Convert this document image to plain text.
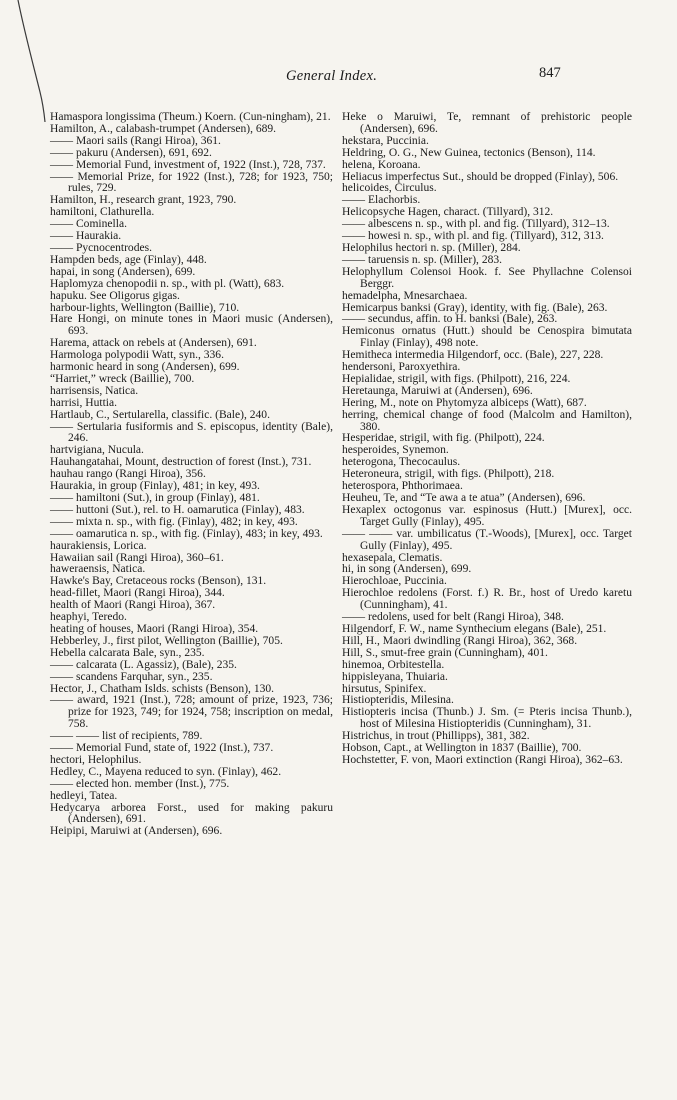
General Index.	847

Hamaspora longissima (Theum.) Koern. (Cun-ningham), 21.

Hamilton, A., calabash-trumpet (Andersen), 689.

—— Maori sails (Rangi Hiroa), 361.

—— pakuru (Andersen), 691, 692.

—— Memorial Fund, investment of, 1922 (Inst.), 728, 737.

—— Memorial Prize, for 1922 (Inst.), 728; for 1923, 750; rules, 729.

Hamilton, H., research grant, 1923, 790.

hamiltoni, Clathurella.

—— Cominella.

—— Haurakia.

—— Pycnocentrodes.

Hampden beds, age (Finlay), 448.

hapai, in song (Andersen), 699.

Haplomyza chenopodii n. sp., with pl. (Watt), 683.

hapuku. See Oligorus gigas.

harbour-lights, Wellington (Baillie), 710.

Hare Hongi, on minute tones in Maori music (Andersen), 693.

Harema, attack on rebels at (Andersen), 691.

Harmologa polypodii Watt, syn., 336.

harmonic heard in song (Andersen), 699.

“Harriet,” wreck (Baillie), 700.

harrisensis, Natica.

harrisi, Huttia.

Hartlaub, C., Sertularella, classific. (Bale), 240.

—— Sertularia fusiformis and S. episcopus, identity (Bale), 246.

hartvigiana, Nucula.

Hauhangatahai, Mount, destruction of forest (Inst.), 731.

hauhau rango (Rangi Hiroa), 356.

Haurakia, in group (Finlay), 481; in key, 493.

—— hamiltoni (Sut.), in group (Finlay), 481.

—— huttoni (Sut.), rel. to H. oamarutica (Finlay), 483.

—— mixta n. sp., with fig. (Finlay), 482; in key, 493.

—— oamarutica n. sp., with fig. (Finlay), 483; in key, 493.

haurakiensis, Lorica.

Hawaiian sail (Rangi Hiroa), 360–61.

haweraensis, Natica.

Hawke's Bay, Cretaceous rocks (Benson), 131.

head-fillet, Maori (Rangi Hiroa), 344.

health of Maori (Rangi Hiroa), 367.

heaphyi, Teredo.

heating of houses, Maori (Rangi Hiroa), 354.

Hebberley, J., first pilot, Wellington (Baillie), 705.

Hebella calcarata Bale, syn., 235.

—— calcarata (L. Agassiz), (Bale), 235.

—— scandens Farquhar, syn., 235.

Hector, J., Chatham Islds. schists (Benson), 130.

—— award, 1921 (Inst.), 728; amount of prize, 1923, 736; prize for 1923, 749; for 1924, 758; inscription on medal, 758.

—— —— list of recipients, 789.

—— Memorial Fund, state of, 1922 (Inst.), 737.

hectori, Helophilus.

Hedley, C., Mayena reduced to syn. (Finlay), 462.

—— elected hon. member (Inst.), 775.

hedleyi, Tatea.

Hedycarya arborea Forst., used for making pakuru (Andersen), 691.

Heipipi, Maruiwi at (Andersen), 696.

Heke o Maruiwi, Te, remnant of prehistoric people (Andersen), 696.

hekstara, Puccinia.

Heldring, O. G., New Guinea, tectonics (Benson), 114.

helena, Koroana.

Heliacus imperfectus Sut., should be dropped (Finlay), 506.

helicoides, Circulus.

—— Elachorbis.

Helicopsyche Hagen, charact. (Tillyard), 312.

—— albescens n. sp., with pl. and fig. (Tillyard), 312–13.

—— howesi n. sp., with pl. and fig. (Tillyard), 312, 313.

Helophilus hectori n. sp. (Miller), 284.

—— taruensis n. sp. (Miller), 283.

Helophyllum Colensoi Hook. f. See Phyllachne Colensoi Berggr.

hemadelpha, Mnesarchaea.

Hemicarpus banksi (Gray), identity, with fig. (Bale), 263.

—— secundus, affin. to H. banksi (Bale), 263.

Hemiconus ornatus (Hutt.) should be Cenospira bimutata Finlay (Finlay), 498 note.

Hemitheca intermedia Hilgendorf, occ. (Bale), 227, 228.

hendersoni, Paroxyethira.

Hepialidae, strigil, with figs. (Philpott), 216, 224.

Heretaunga, Maruiwi at (Andersen), 696.

Hering, M., note on Phytomyza albiceps (Watt), 687.

herring, chemical change of food (Malcolm and Hamilton), 380.

Hesperidae, strigil, with fig. (Philpott), 224.

hesperoides, Synemon.

heterogona, Thecocaulus.

Heteroneura, strigil, with figs. (Philpott), 218.

heterospora, Phthorimaea.

Heuheu, Te, and “Te awa a te atua” (Andersen), 696.

Hexaplex octogonus var. espinosus (Hutt.) [Murex], occ. Target Gully (Finlay), 495.

—— —— var. umbilicatus (T.-Woods), [Murex], occ. Target Gully (Finlay), 495.

hexasepala, Clematis.

hi, in song (Andersen), 699.

Hierochloae, Puccinia.

Hierochloe redolens (Forst. f.) R. Br., host of Uredo karetu (Cunningham), 41.

—— redolens, used for belt (Rangi Hiroa), 348.

Hilgendorf, F. W., name Synthecium elegans (Bale), 251.

Hill, H., Maori dwindling (Rangi Hiroa), 362, 368.

Hill, S., smut-free grain (Cunningham), 401.

hinemoa, Orbitestella.

hippisleyana, Thuiaria.

hirsutus, Spinifex.

Histiopteridis, Milesina.

Histiopteris incisa (Thunb.) J. Sm. (= Pteris incisa Thunb.), host of Milesina Histiopteridis (Cunningham), 31.

Histrichus, in trout (Phillipps), 381, 382.

Hobson, Capt., at Wellington in 1837 (Baillie), 700.

Hochstetter, F. von, Maori extinction (Rangi Hiroa), 362–63.
